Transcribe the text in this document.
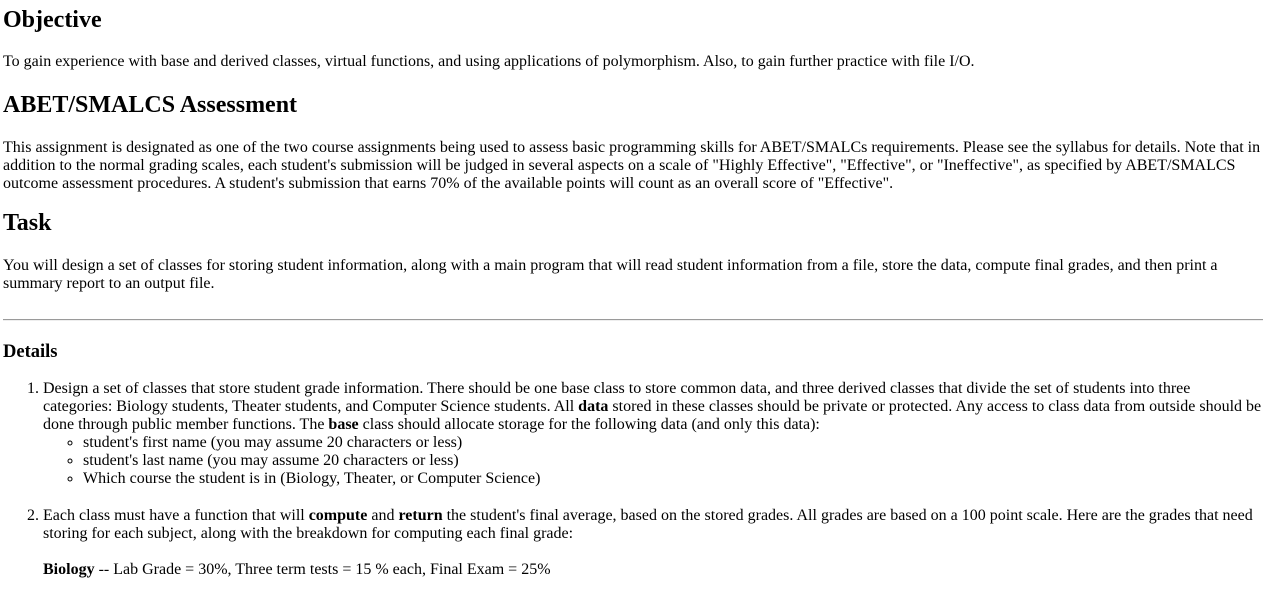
Objective

To gain experience with base and derived classes, virtual functions, and using applications of polymorphism. Also, to gain further practice with file I/O.

ABET/SMALCS Assessment

This assignment is designated as one of the two course assignments being used to assess basic programming skills for ABET/SMALCs requirements. Please see the syllabus for details. Note that in addition to the normal grading scales, each student's submission will be judged in several aspects on a scale of "Highly Effective", "Effective", or "Ineffective", as specified by ABET/SMALCS outcome assessment procedures. A student's submission that earns 70% of the available points will count as an overall score of "Effective".

Task

You will design a set of classes for storing student information, along with a main program that will read student information from a file, store the data, compute final grades, and then print a summary report to an output file.

Details
1. Design a set of classes that store student grade information. There should be one base class to store common data, and three derived classes that divide the set of students into three categories: Biology students, Theater students, and Computer Science students. All data stored in these classes should be private or protected. Any access to class data from outside should be done through public member functions. The base class should allocate storage for the following data (and only this data):
◦ student's first name (you may assume 20 characters or less)
◦ student's last name (you may assume 20 characters or less)
◦ Which course the student is in (Biology, Theater, or Computer Science)
2. Each class must have a function that will compute and return the student's final average, based on the stored grades. All grades are based on a 100 point scale. Here are the grades that need storing for each subject, along with the breakdown for computing each final grade:

Biology -- Lab Grade = 30%, Three term tests = 15 % each, Final Exam = 25%
